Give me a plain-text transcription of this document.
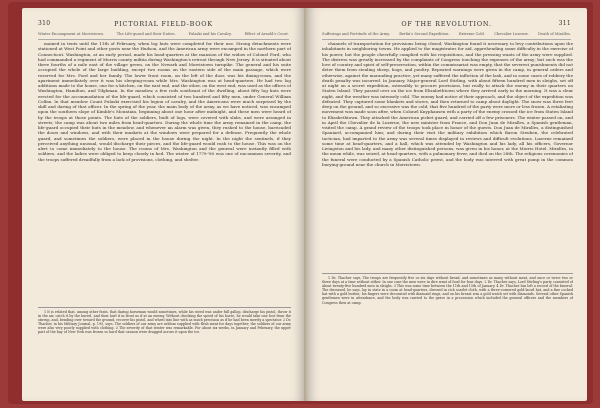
310	PICTORIAL FIELD-BOOK
Winter Encampment at Morristown.	The Life-guard and their Duties.	Pulaski and his Cavalry.	Effect of Arnold's Court.

mained in tents until the 11th of February, when log huts were completed for their use. Strong detachments were stationed at West Point and other posts near the Hudson, and the American army were encamped in the northern part of Connecticut. Washington, at an early period, made his head-quarters at the mansion of the widow of Colonel Ford, who had commanded a regiment of Morris county militia during Washington's retreat through New Jersey. It is situated about three fourths of a mile east of the village green, on the Newark and Morristown turnpike. The general and his suite occupied the whole of the large building, except two rooms on the eastern side of the main passage, which were reserved for Mrs. Ford and her family. The lower front room, on the left of the door, was his dining-room, and the apartment immediately over it was his sleeping-room while Mrs. Washington was at head-quarters. He had two log additions made to the house, one for a kitchen, on the east end, and the other, on the west end, was used as the offices of Washington, Hamilton, and Tilghman. In the meadow, a few rods southeast of the dwelling, about fifty log huts were erected for the accommodation of the life-guard, which consisted of two hundred and fifty men, under General William Colfax. In that meadow Count Pulaski exercised his legion of cavalry, and the Americans were much surprised by the skill and daring of that officer. In the spring of the year, the main body of the army, as we have noticed, was encamped upon the southern slope of Kimble's Mountain, beginning about one hour after midnight, and these men were heard of by the troops at those points. The huts of the soldiers, built of logs, were covered with slabs, and were arranged in streets; the camp was about two miles from head-quarters. During the whole time the army remained in the camp, the life-guard occupied their huts in the meadow, and whenever an alarm was given, they rushed to the house, barricaded the doors and windows, and with their muskets at the windows were prepared for a defense. Frequently the whole guard, and sometimes the soldiers, were placed in the house during the night. In the night the sentinels, if they perceived anything unusual, would discharge their pieces, and the life-guard would rush to the house. This was on the alert to come immediately to the house. The rooms of Mrs. Washington and the general were instantly filled with soldiers, and the ladies were obliged to keep closely in bed. The winter of 1779-'80 was one of uncommon severity, and the troops suffered dreadfully from a lack of provisions, clothing, and shelter.

1 It is related that, among other feats, that daring horseman would sometimes, while his steed was under full gallop, discharge his pistol, throw it in the air, catch it by the barrel, and then hurl it in front as if at an enemy. Without checking the speed of his horse, he would take one foot from the stirrup, and, bending over toward the ground, recover his pistol, and wheel into line with as much precision as if he had been merely a spectator. 2 Dr. Thacher, in his Military Journal, p. 195, says, The soldiers of our army are seldom supplied with flesh meat for days together; the soldiers of our army were also very poorly supplied with clothing. 3 The severity of that winter was remarkable. For about six weeks, in January and February, the upper part of the bay of New York was frozen so hard that cannon were dragged across it upon the ice.

OF THE REVOLUTION.	311
Sufferings and Fortitude of the Army.	Berlin's Second Expedition.	Extreme Cold.	Chevalier Luzerne.	Death of Miralles.

channels of transportation for provisions being closed, Washington found it necessary to levy contributions upon the inhabitants in neighboring towns. He applied to the magistrates for aid, apprehending some difficulty in the exercise of his power, but the people cheerfully complied with his requisitions, and the pressing wants of the army were supplied. The distress was greatly increased by the complaints of Congress touching the expenses of the army; but such was the love of country and spirit of self-preservation, within the commissariat was empty, that the severest punishments did not deter them from stealing sheep, hogs, and poultry. Repeated warnings were given in the camp, in general orders and otherwise, against the marauding practice, yet many suffered the infliction of the lash, and in some cases of robbery the death penalty was incurred. In January, Major-general Lord Stirling, with about fifteen hundred men in sleighs, set off at night on a secret expedition, ostensibly to procure provisions, but really to attack the enemy in their quarters on Staten Island. They passed over on the ice from Elizabethtown where they arrived early in the morning. It was a clear night, and the weather was intensely cold. The enemy had notice of their approach, and the object of the expedition was defeated. They captured some blankets and stores, and then returned to camp about daylight. The snow was three feet deep on the ground, and so excessive was the cold, that five hundred of the party were more or less frozen. A retaliating movement was made soon after, when Colonel Knyphausen with a party of the enemy crossed the ice from Staten Island to Elizabethtown. They attacked the American picket guard, and carried off a few prisoners. The winter passed on, and in April the Chevalier de la Luzerne, the new minister from France, and Don Juan de Miralles, a Spanish gentleman, visited the camp. A grand review of the troops took place in honor of the guests. Don Juan de Miralles, a distinguished Spaniard, accompanied him; and during their visit the military exhibition which Baron Steuben, the celebrated tactician, had imparted to the army was several times displayed in reviews and difficult evolutions. Luzerne remained some time at head-quarters, and a ball, which was attended by Washington and his lady, all his officers, Governor Livingston and his lady, and many other distinguished persons, was given in his honor, at the Morris Hotel. Miralles, in the mean while, was seized, at head-quarters, with a pulmonary fever, and died on the 28th. The religious ceremonies of the funeral were conducted by a Spanish Catholic priest, and the body was interred with great pomp in the common burying-ground near the church in Morristown.

1 Dr. Thacher says, The troops are frequently five or six days without bread, and sometimes as many without meat, and once or twice two or three days at a time without either. In one case the men were in dire want of food for four days. 2 Dr. Thacher says, Lord Stirling's party consisted of about twenty-five hundred men in sleighs. 3 This was some time between the 11th and 15th of January. 4 Dr. Thacher has left a record of the funeral: The deceased, he says, lay in state in a room at head-quarters, dressed in rich scarlet cloth, with a three-cornered gold-laced hat, and a fine cocked hat with a gold button; his fingers were decorated with diamond rings, and on his breast was a gold watch set with diamonds. Several other Spanish gentlemen were in attendance, and the body was carried to the grave in a procession which included the general officers and the members of Congress then at camp.
